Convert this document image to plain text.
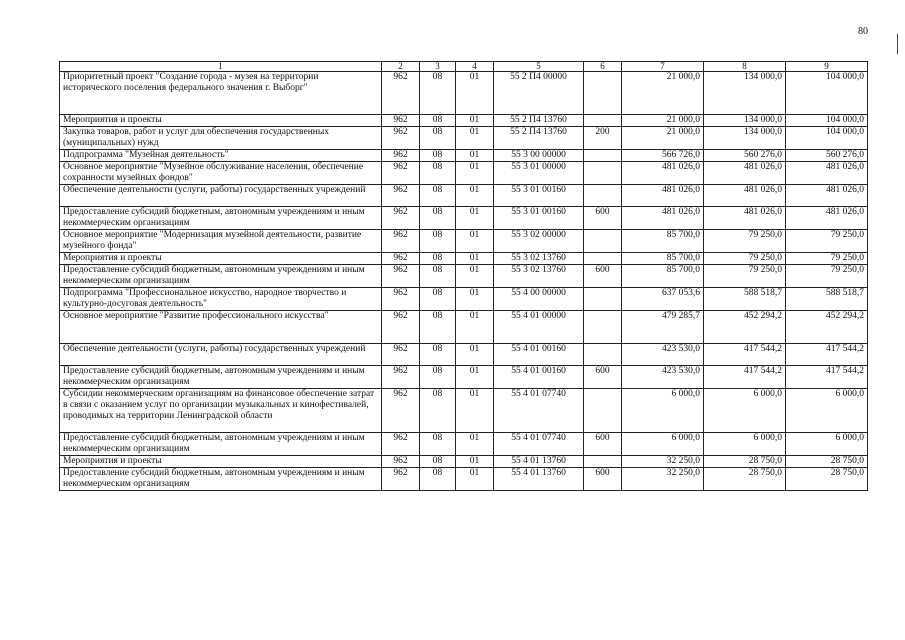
80
1	2	3	4	5	6	7	8	9
Приоритетный проект "Создание города - музея на территории исторического поселения федерального значения г. Выборг"	962	08	01	55 2 П4 00000		21 000,0	134 000,0	104 000,0
Мероприятия и проекты	962	08	01	55 2 П4 13760		21 000,0	134 000,0	104 000,0
Закупка товаров, работ и услуг для обеспечения государственных (муниципальных) нужд	962	08	01	55 2 П4 13760	200	21 000,0	134 000,0	104 000,0
Подпрограмма "Музейная деятельность"	962	08	01	55 3 00 00000		566 726,0	560 276,0	560 276,0
Основное мероприятие "Музейное обслуживание населения, обеспечение сохранности музейных фондов"	962	08	01	55 3 01 00000		481 026,0	481 026,0	481 026,0
Обеспечение деятельности (услуги, работы) государственных учреждений	962	08	01	55 3 01 00160		481 026,0	481 026,0	481 026,0
Предоставление субсидий бюджетным, автономным учреждениям и иным некоммерческим организациям	962	08	01	55 3 01 00160	600	481 026,0	481 026,0	481 026,0
Основное мероприятие "Модернизация музейной деятельности, развитие музейного фонда"	962	08	01	55 3 02 00000		85 700,0	79 250,0	79 250,0
Мероприятия и проекты	962	08	01	55 3 02 13760		85 700,0	79 250,0	79 250,0
Предоставление субсидий бюджетным, автономным учреждениям и иным некоммерческим организациям	962	08	01	55 3 02 13760	600	85 700,0	79 250,0	79 250,0
Подпрограмма "Профессиональное искусство, народное творчество и культурно-досуговая деятельность"	962	08	01	55 4 00 00000		637 053,6	588 518,7	588 518,7
Основное мероприятие "Развитие профессионального искусства"	962	08	01	55 4 01 00000		479 285,7	452 294,2	452 294,2
Обеспечение деятельности (услуги, работы) государственных учреждений	962	08	01	55 4 01 00160		423 530,0	417 544,2	417 544,2
Предоставление субсидий бюджетным, автономным учреждениям и иным некоммерческим организациям	962	08	01	55 4 01 00160	600	423 530,0	417 544,2	417 544,2
Субсидии некоммерческим организациям на финансовое обеспечение затрат в связи с оказанием услуг по организации музыкальных и кинофестивалей, проводимых на территории Ленинградской области	962	08	01	55 4 01 07740		6 000,0	6 000,0	6 000,0
Предоставление субсидий бюджетным, автономным учреждениям и иным некоммерческим организациям	962	08	01	55 4 01 07740	600	6 000,0	6 000,0	6 000,0
Мероприятия и проекты	962	08	01	55 4 01 13760		32 250,0	28 750,0	28 750,0
Предоставление субсидий бюджетным, автономным учреждениям и иным некоммерческим организациям	962	08	01	55 4 01 13760	600	32 250,0	28 750,0	28 750,0
